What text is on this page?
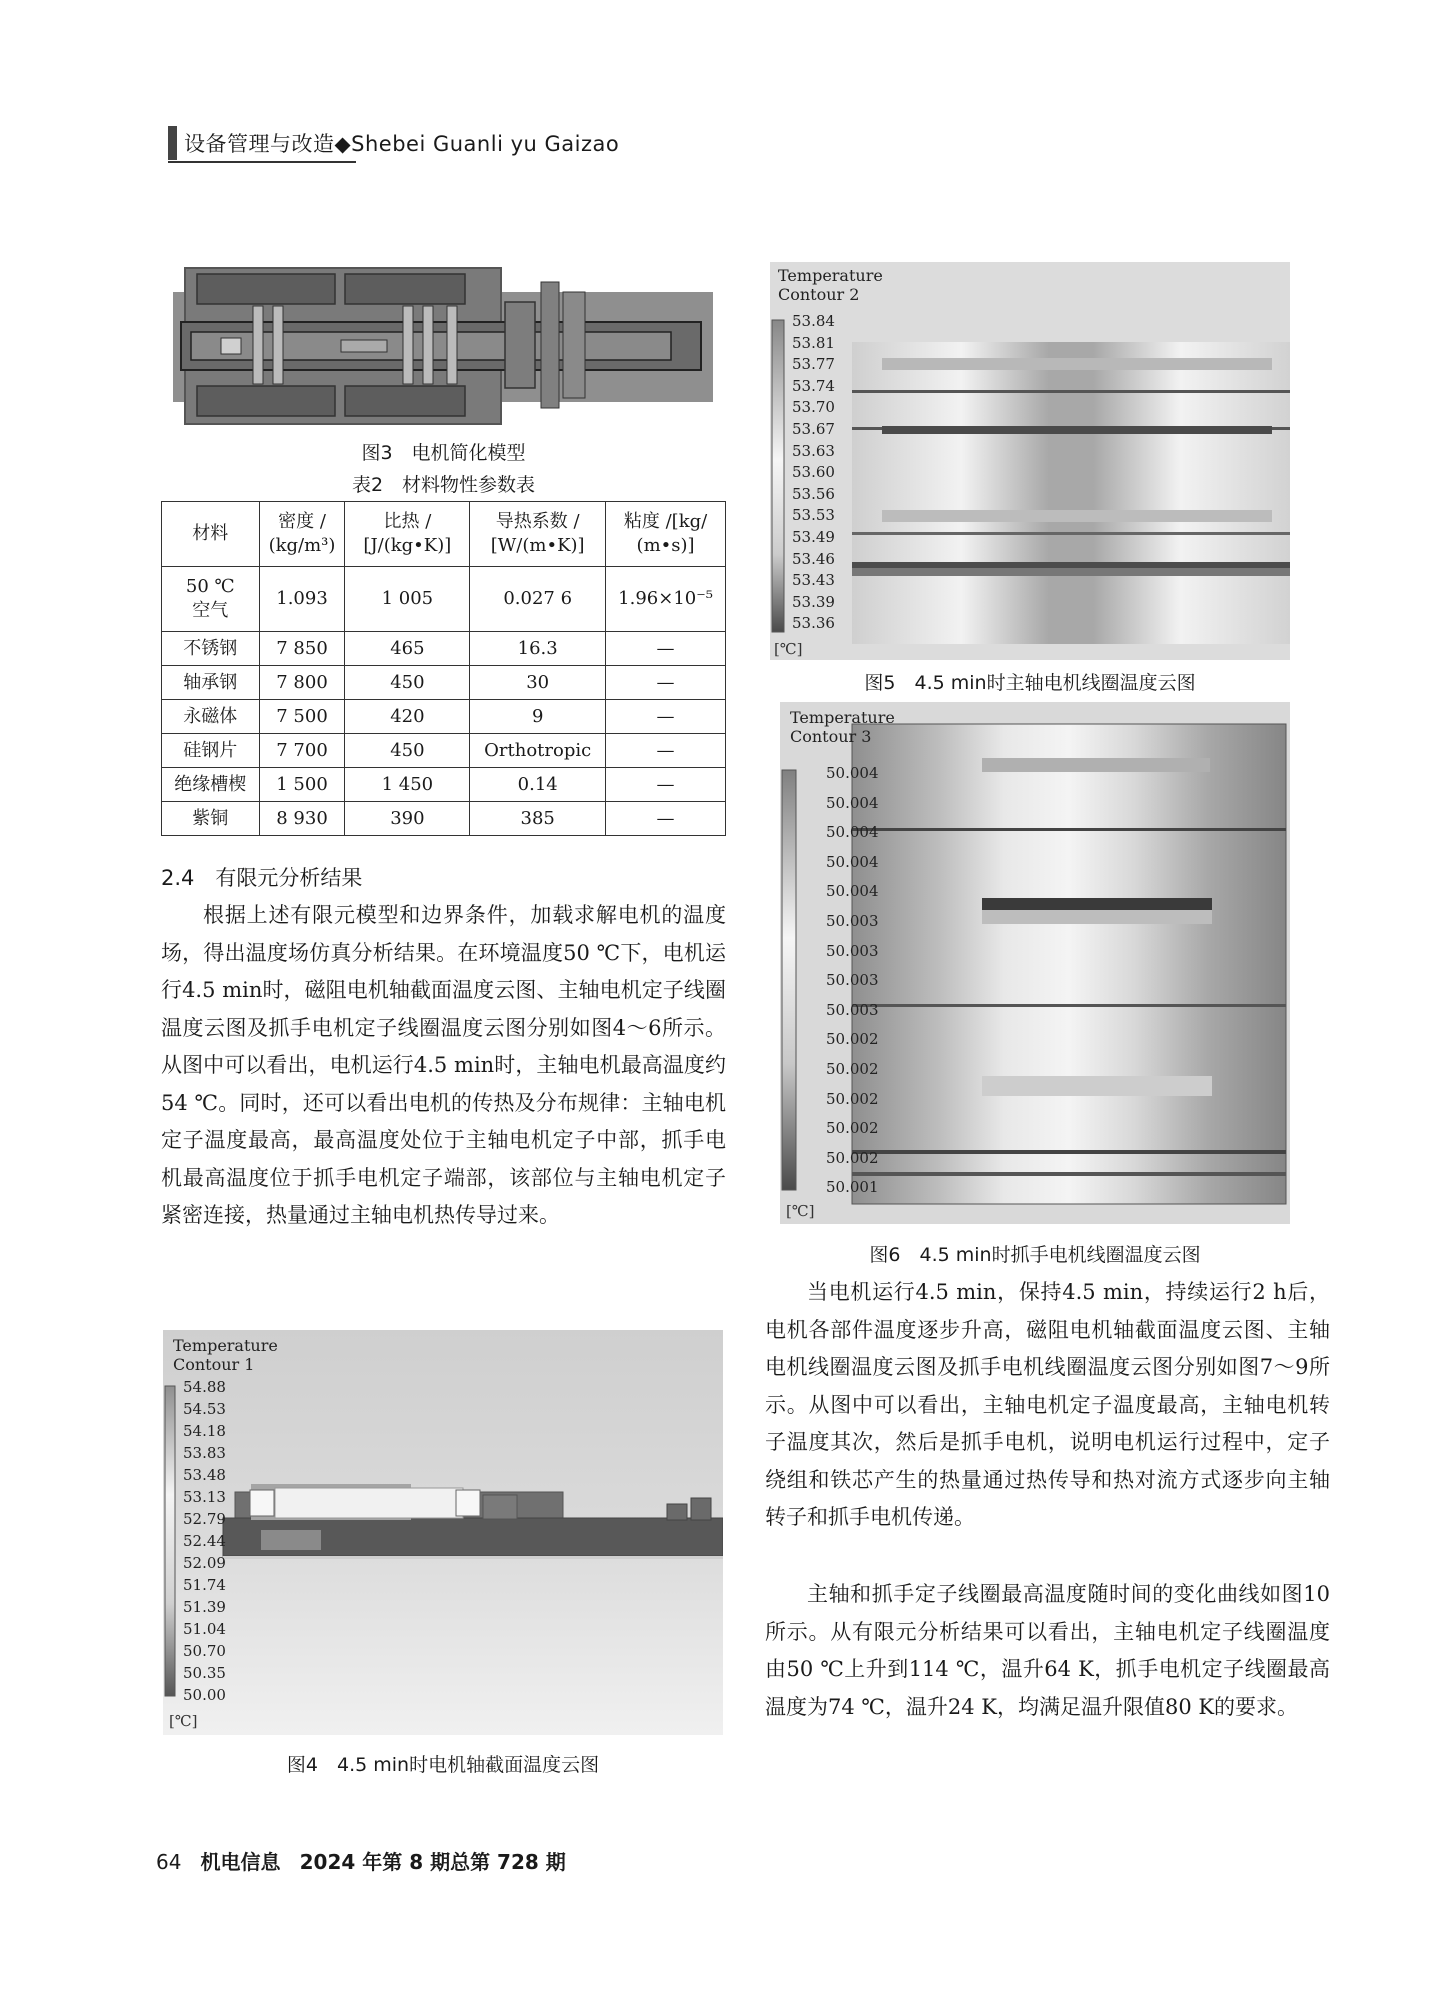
设备管理与改造◆Shebei Guanli yu Gaizao
图3　电机简化模型
表2　材料物性参数表
材料	密度 / (kg/m³)	比热 / [J/(kg•K)]	导热系数 / [W/(m•K)]	粘度 /[kg/ (m•s)]
50 ℃
空气	1.093	1 005	0.027 6	1.96×10⁻⁵
不锈钢	7 850	465	16.3	—
轴承钢	7 800	450	30	—
永磁体	7 500	420	9	—
硅钢片	7 700	450	Orthotropic	—
绝缘槽楔	1 500	1 450	0.14	—
紫铜	8 930	390	385	—
2.4　有限元分析结果
根据上述有限元模型和边界条件，加载求解电机的温度场，得出温度场仿真分析结果。在环境温度50 ℃下，电机运行4.5 min时，磁阻电机轴截面温度云图、主轴电机定子线圈温度云图及抓手电机定子线圈温度云图分别如图4～6所示。从图中可以看出，电机运行4.5 min时，主轴电机最高温度约54 ℃。同时，还可以看出电机的传热及分布规律：主轴电机定子温度最高，最高温度处位于主轴电机定子中部，抓手电机最高温度位于抓手电机定子端部，该部位与主轴电机定子紧密连接，热量通过主轴电机热传导过来。
Temperature
Contour 1
54.88
54.53
54.18
53.83
53.48
53.13
52.79
52.44
52.09
51.74
51.39
51.04
50.70
50.35
50.00
[℃]
图4　4.5 min时电机轴截面温度云图
Temperature
Contour 2
53.84
53.81
53.77
53.74
53.70
53.67
53.63
53.60
53.56
53.53
53.49
53.46
53.43
53.39
53.36
[℃]
图5　4.5 min时主轴电机线圈温度云图
Temperature
Contour 3
50.004
50.004
50.004
50.004
50.004
50.003
50.003
50.003
50.003
50.002
50.002
50.002
50.002
50.002
50.001
[℃]
图6　4.5 min时抓手电机线圈温度云图
当电机运行4.5 min，保持4.5 min，持续运行2 h后，电机各部件温度逐步升高，磁阻电机轴截面温度云图、主轴电机线圈温度云图及抓手电机线圈温度云图分别如图7～9所示。从图中可以看出，主轴电机定子温度最高，主轴电机转子温度其次，然后是抓手电机，说明电机运行过程中，定子绕组和铁芯产生的热量通过热传导和热对流方式逐步向主轴转子和抓手电机传递。
主轴和抓手定子线圈最高温度随时间的变化曲线如图10所示。从有限元分析结果可以看出，主轴电机定子线圈温度由50 ℃上升到114 ℃，温升64 K，抓手电机定子线圈最高温度为74 ℃，温升24 K，均满足温升限值80 K的要求。
64 机电信息 2024 年第 8 期总第 728 期
